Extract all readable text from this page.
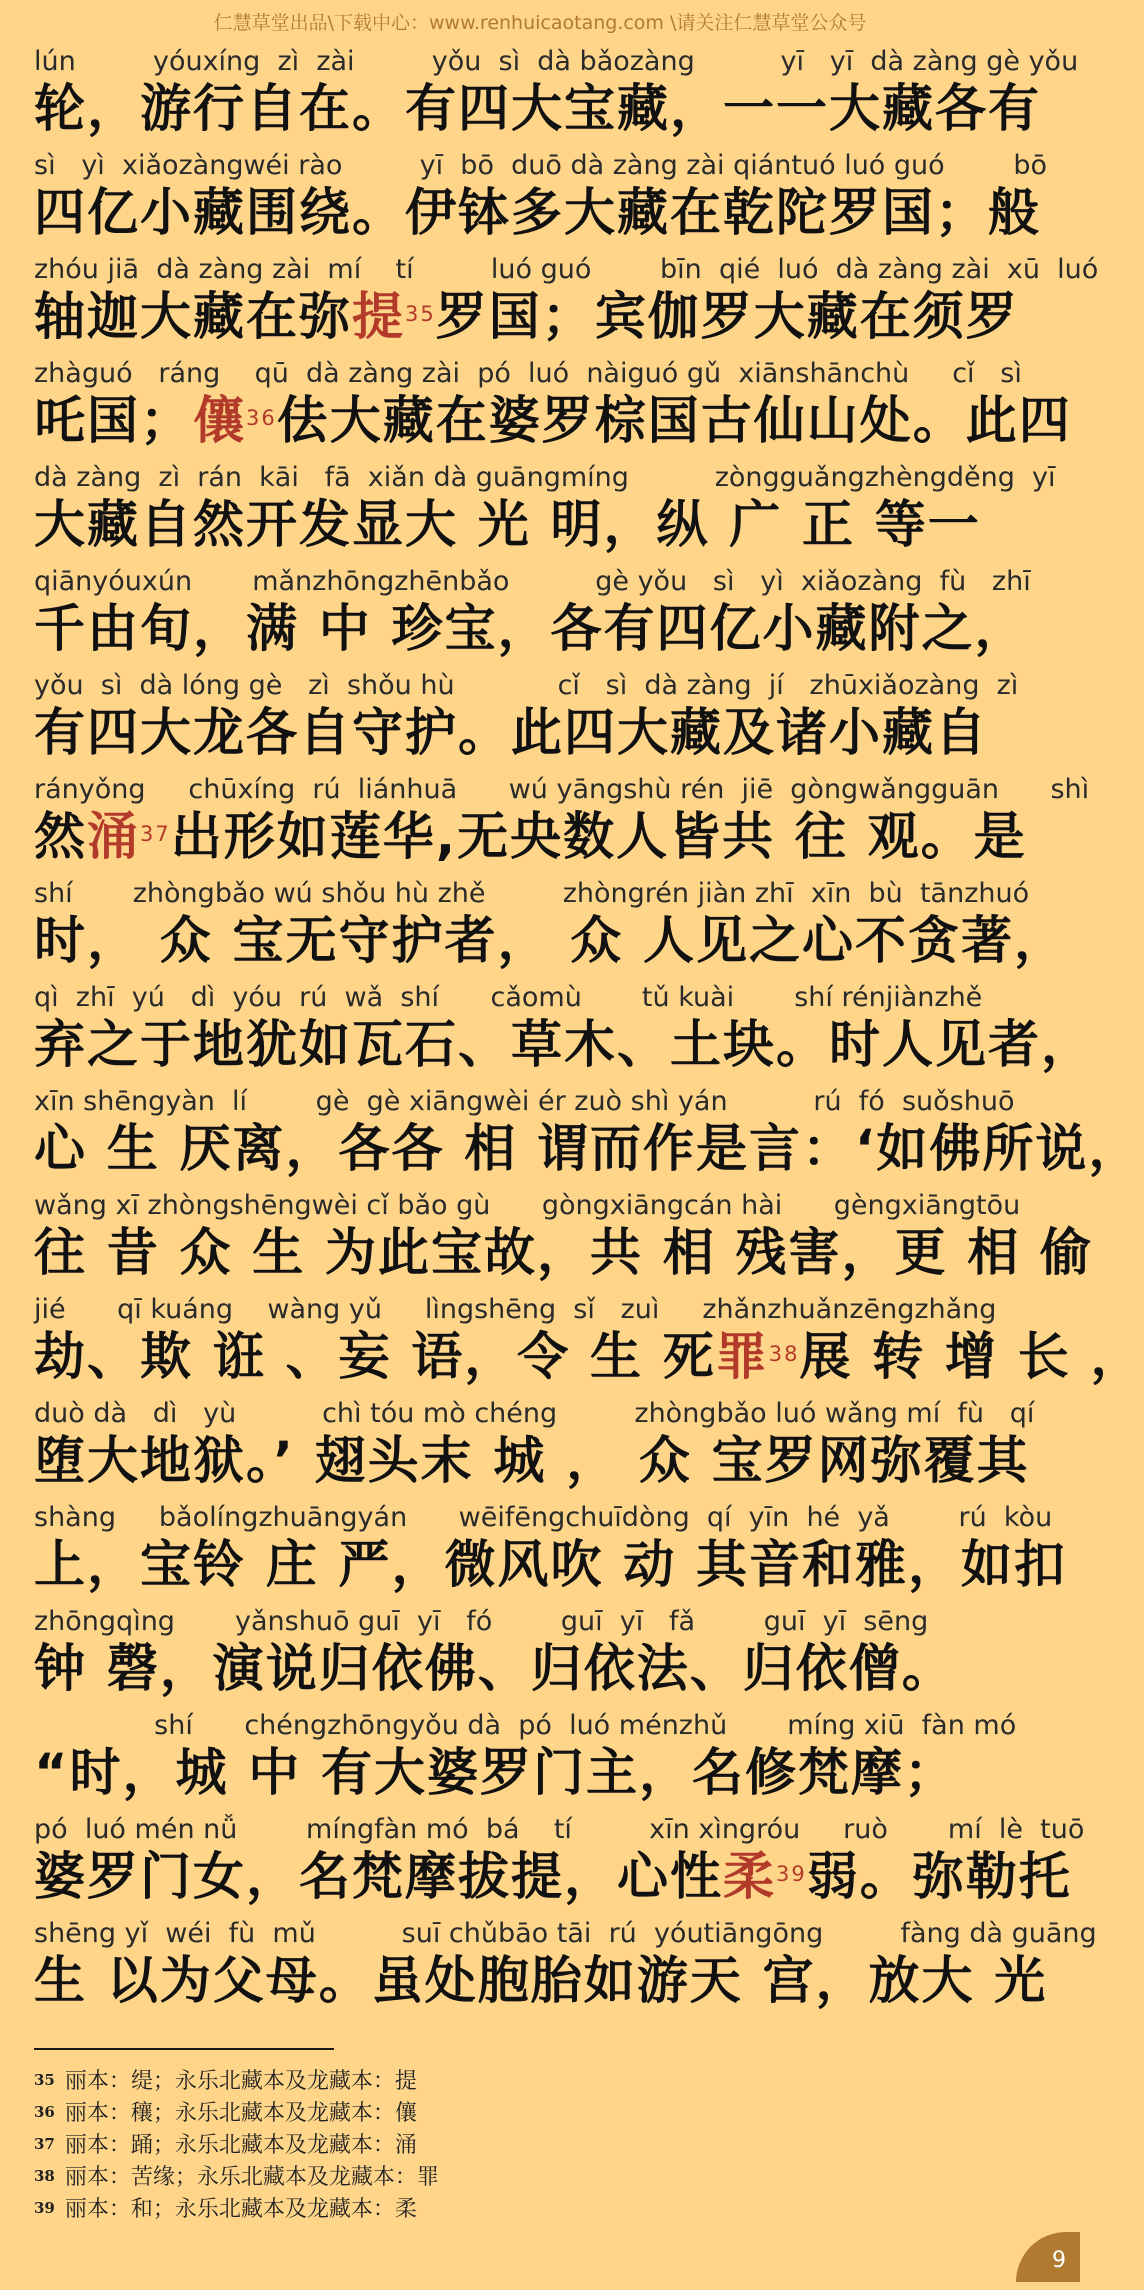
仁慧草堂出品\下载中心：www.renhuicaotang.com \请关注仁慧草堂公众号
lún         yóuxíng  zì  zài         yǒu  sì  dà bǎozàng          yī   yī  dà zàng gè yǒu
轮，游行自在。有四大宝藏，一一大藏各有
sì   yì  xiǎozàngwéi rào         yī  bō  duō dà zàng zài qiántuó luó guó        bō
四亿小藏围绕。伊钵多大藏在乾陀罗国；般
zhóu jiā  dà zàng zài  mí    tí         luó guó        bīn  qié  luó  dà zàng zài  xū  luó
轴迦大藏在弥提$^{35}$罗国；宾伽罗大藏在须罗
zhàguó   ráng    qū  dà zàng zài  pó  luó  nàiguó gǔ  xiānshānchù     cǐ   sì
吒国；儴$^{36}$佉大藏在婆罗棕国古仙山处。此四
dà zàng  zì  rán  kāi   fā  xiǎn dà guāngmíng          zòngguǎngzhèngděng  yī
大藏自然开发显大 光 明，纵 广 正 等一
qiānyóuxún       mǎnzhōngzhēnbǎo          gè yǒu   sì   yì  xiǎozàng  fù   zhī
千由旬，满 中 珍宝，各有四亿小藏附之，
yǒu  sì  dà lóng gè   zì  shǒu hù            cǐ   sì  dà zàng  jí   zhūxiǎozàng  zì
有四大龙各自守护。此四大藏及诸小藏自
rányǒng     chūxíng  rú  liánhuā      wú yāngshù rén  jiē  gòngwǎngguān      shì
然涌$^{37}$出形如莲华,无央数人皆共 往 观。是
shí       zhòngbǎo wú shǒu hù zhě         zhòngrén jiàn zhī  xīn  bù  tānzhuó
时， 众 宝无守护者， 众 人见之心不贪著，
qì  zhī  yú   dì  yóu  rú  wǎ  shí      cǎomù       tǔ kuài       shí rénjiànzhě
弃之于地犹如瓦石、草木、土块。时人见者，
xīn shēngyàn  lí        gè  gè xiāngwèi ér zuò shì yán          rú  fó  suǒshuō
心 生 厌离，各各 相 谓而作是言：‘如佛所说，
wǎng xī zhòngshēngwèi cǐ bǎo gù      gòngxiāngcán hài      gèngxiāngtōu
往 昔 众 生 为此宝故，共 相 残害，更 相 偷
jié      qī kuáng    wàng yǔ     lìngshēng  sǐ   zuì     zhǎnzhuǎnzēngzhǎng
劫、欺 诳 、妄 语，令 生 死罪$^{38}$展 转 增 长 ，
duò dà   dì   yù          chì tóu mò chéng         zhòngbǎo luó wǎng mí  fù   qí
堕大地狱。’ 翅头末 城 ， 众 宝罗网弥覆其
shàng     bǎolíngzhuāngyán      wēifēngchuīdòng  qí  yīn  hé  yǎ        rú  kòu
上，宝铃 庄 严，微风吹 动 其音和雅，如扣
zhōngqìng       yǎnshuō guī  yī   fó        guī  yī   fǎ        guī  yī  sēng
钟 磬，演说归依佛、归依法、归依僧。
shí      chéngzhōngyǒu dà  pó  luó ménzhǔ       míng xiū  fàn mó
“时，城 中 有大婆罗门主，名修梵摩；
pó  luó mén nǚ        míngfàn mó  bá    tí         xīn xìngróu     ruò       mí  lè  tuō
婆罗门女，名梵摩拔提，心性柔$^{39}$弱。弥勒托
shēng yǐ  wéi  fù  mǔ          suī chǔbāo tāi  rú  yóutiāngōng         fàng dà guāng
生 以为父母。虽处胞胎如游天 宫，放大 光
$^{35}$ 丽本：缇；永乐北藏本及龙藏本：提
$^{36}$ 丽本：穰；永乐北藏本及龙藏本：儴
$^{37}$ 丽本：踊；永乐北藏本及龙藏本：涌
$^{38}$ 丽本：苦缘；永乐北藏本及龙藏本：罪
$^{39}$ 丽本：和；永乐北藏本及龙藏本：柔
9
